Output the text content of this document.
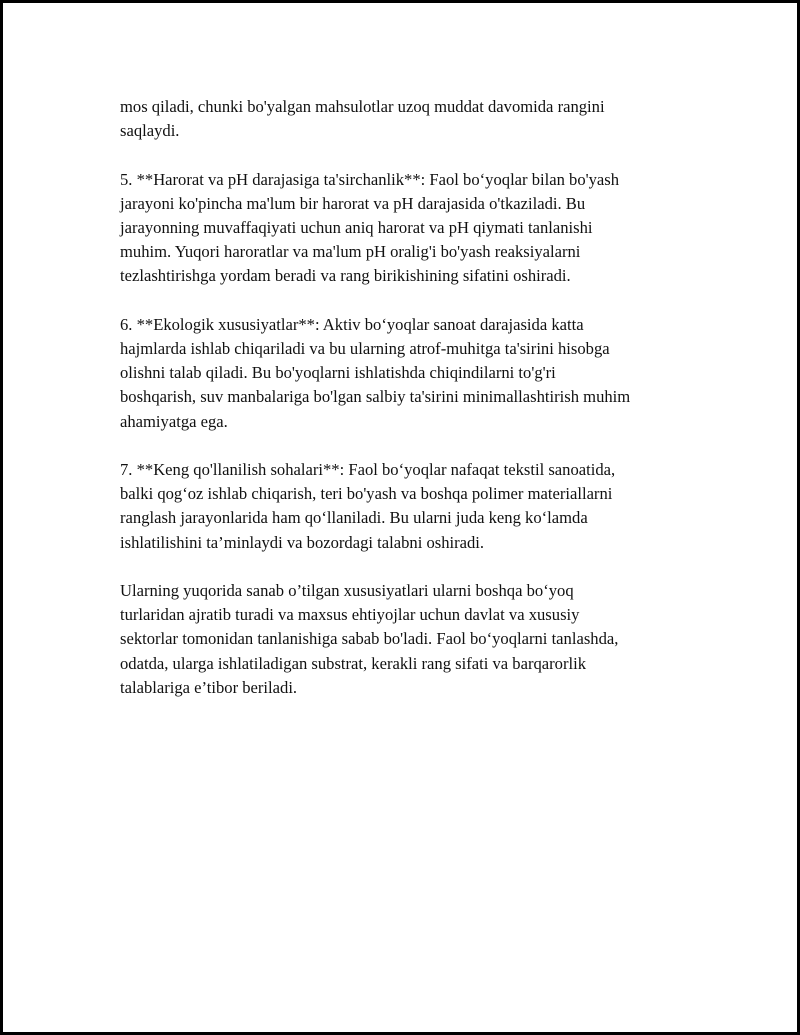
mos qiladi, chunki bo'yalgan mahsulotlar uzoq muddat davomida rangini
saqlaydi.

5. **Harorat va pH darajasiga ta'sirchanlik**: Faol bo‘yoqlar bilan bo'yash
jarayoni ko'pincha ma'lum bir harorat va pH darajasida o'tkaziladi. Bu
jarayonning muvaffaqiyati uchun aniq harorat va pH qiymati tanlanishi
muhim. Yuqori haroratlar va ma'lum pH oralig'i bo'yash reaksiyalarni
tezlashtirishga yordam beradi va rang birikishining sifatini oshiradi.

6. **Ekologik xususiyatlar**: Aktiv bo‘yoqlar sanoat darajasida katta
hajmlarda ishlab chiqariladi va bu ularning atrof-muhitga ta'sirini hisobga
olishni talab qiladi. Bu bo'yoqlarni ishlatishda chiqindilarni to'g'ri
boshqarish, suv manbalariga bo'lgan salbiy ta'sirini minimallashtirish muhim
ahamiyatga ega.

7. **Keng qo'llanilish sohalari**: Faol bo‘yoqlar nafaqat tekstil sanoatida,
balki qog‘oz ishlab chiqarish, teri bo'yash va boshqa polimer materiallarni
ranglash jarayonlarida ham qo‘llaniladi. Bu ularni juda keng ko‘lamda
ishlatilishini ta’minlaydi va bozordagi talabni oshiradi.

Ularning yuqorida sanab o’tilgan xususiyatlari ularni boshqa bo‘yoq
turlaridan ajratib turadi va maxsus ehtiyojlar uchun davlat va xususiy
sektorlar tomonidan tanlanishiga sabab bo'ladi. Faol bo‘yoqlarni tanlashda,
odatda, ularga ishlatiladigan substrat, kerakli rang sifati va barqarorlik
talablariga e’tibor beriladi.
